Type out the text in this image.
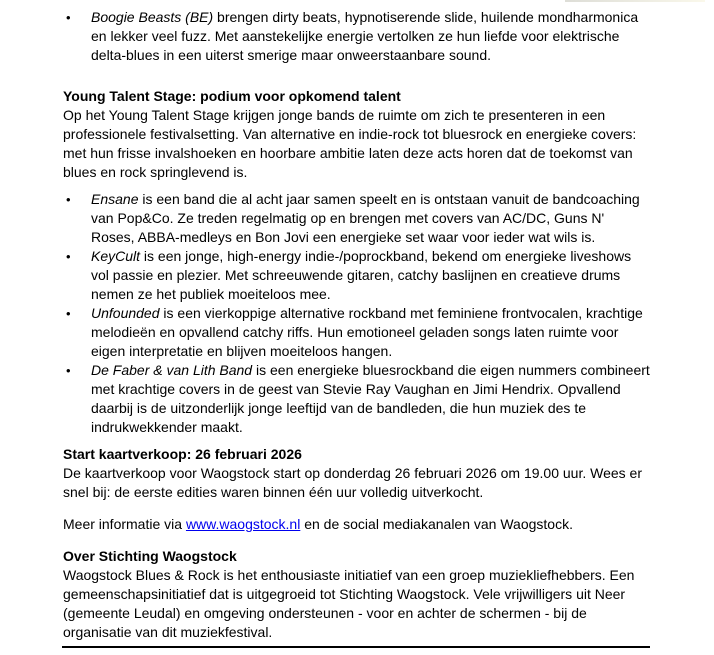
• Boogie Beasts (BE) brengen dirty beats, hypnotiserende slide, huilende mondharmonica en lekker veel fuzz. Met aanstekelijke energie vertolken ze hun liefde voor elektrische delta-blues in een uiterst smerige maar onweerstaanbare sound.
Young Talent Stage: podium voor opkomend talent

Op het Young Talent Stage krijgen jonge bands de ruimte om zich te presenteren in een professionele festivalsetting. Van alternative en indie-rock tot bluesrock en energieke covers: met hun frisse invalshoeken en hoorbare ambitie laten deze acts horen dat de toekomst van blues en rock springlevend is.

• Ensane is een band die al acht jaar samen speelt en is ontstaan vanuit de bandcoaching van Pop&Co. Ze treden regelmatig op en brengen met covers van AC/DC, Guns N' Roses, ABBA-medleys en Bon Jovi een energieke set waar voor ieder wat wils is.
• KeyCult is een jonge, high-energy indie-/poprockband, bekend om energieke liveshows vol passie en plezier. Met schreeuwende gitaren, catchy baslijnen en creatieve drums nemen ze het publiek moeiteloos mee.
• Unfounded is een vierkoppige alternative rockband met feminiene frontvocalen, krachtige melodieën en opvallend catchy riffs. Hun emotioneel geladen songs laten ruimte voor eigen interpretatie en blijven moeiteloos hangen.
• De Faber & van Lith Band is een energieke bluesrockband die eigen nummers combineert met krachtige covers in de geest van Stevie Ray Vaughan en Jimi Hendrix. Opvallend daarbij is de uitzonderlijk jonge leeftijd van de bandleden, die hun muziek des te indrukwekkender maakt.
Start kaartverkoop: 26 februari 2026

De kaartverkoop voor Waogstock start op donderdag 26 februari 2026 om 19.00 uur. Wees er snel bij: de eerste edities waren binnen één uur volledig uitverkocht.

Meer informatie via www.waogstock.nl en de social mediakanalen van Waogstock.

Over Stichting Waogstock

Waogstock Blues & Rock is het enthousiaste initiatief van een groep muziekliefhebbers. Een gemeenschapsinitiatief dat is uitgegroeid tot Stichting Waogstock. Vele vrijwilligers uit Neer (gemeente Leudal) en omgeving ondersteunen - voor en achter de schermen - bij de organisatie van dit muziekfestival.
